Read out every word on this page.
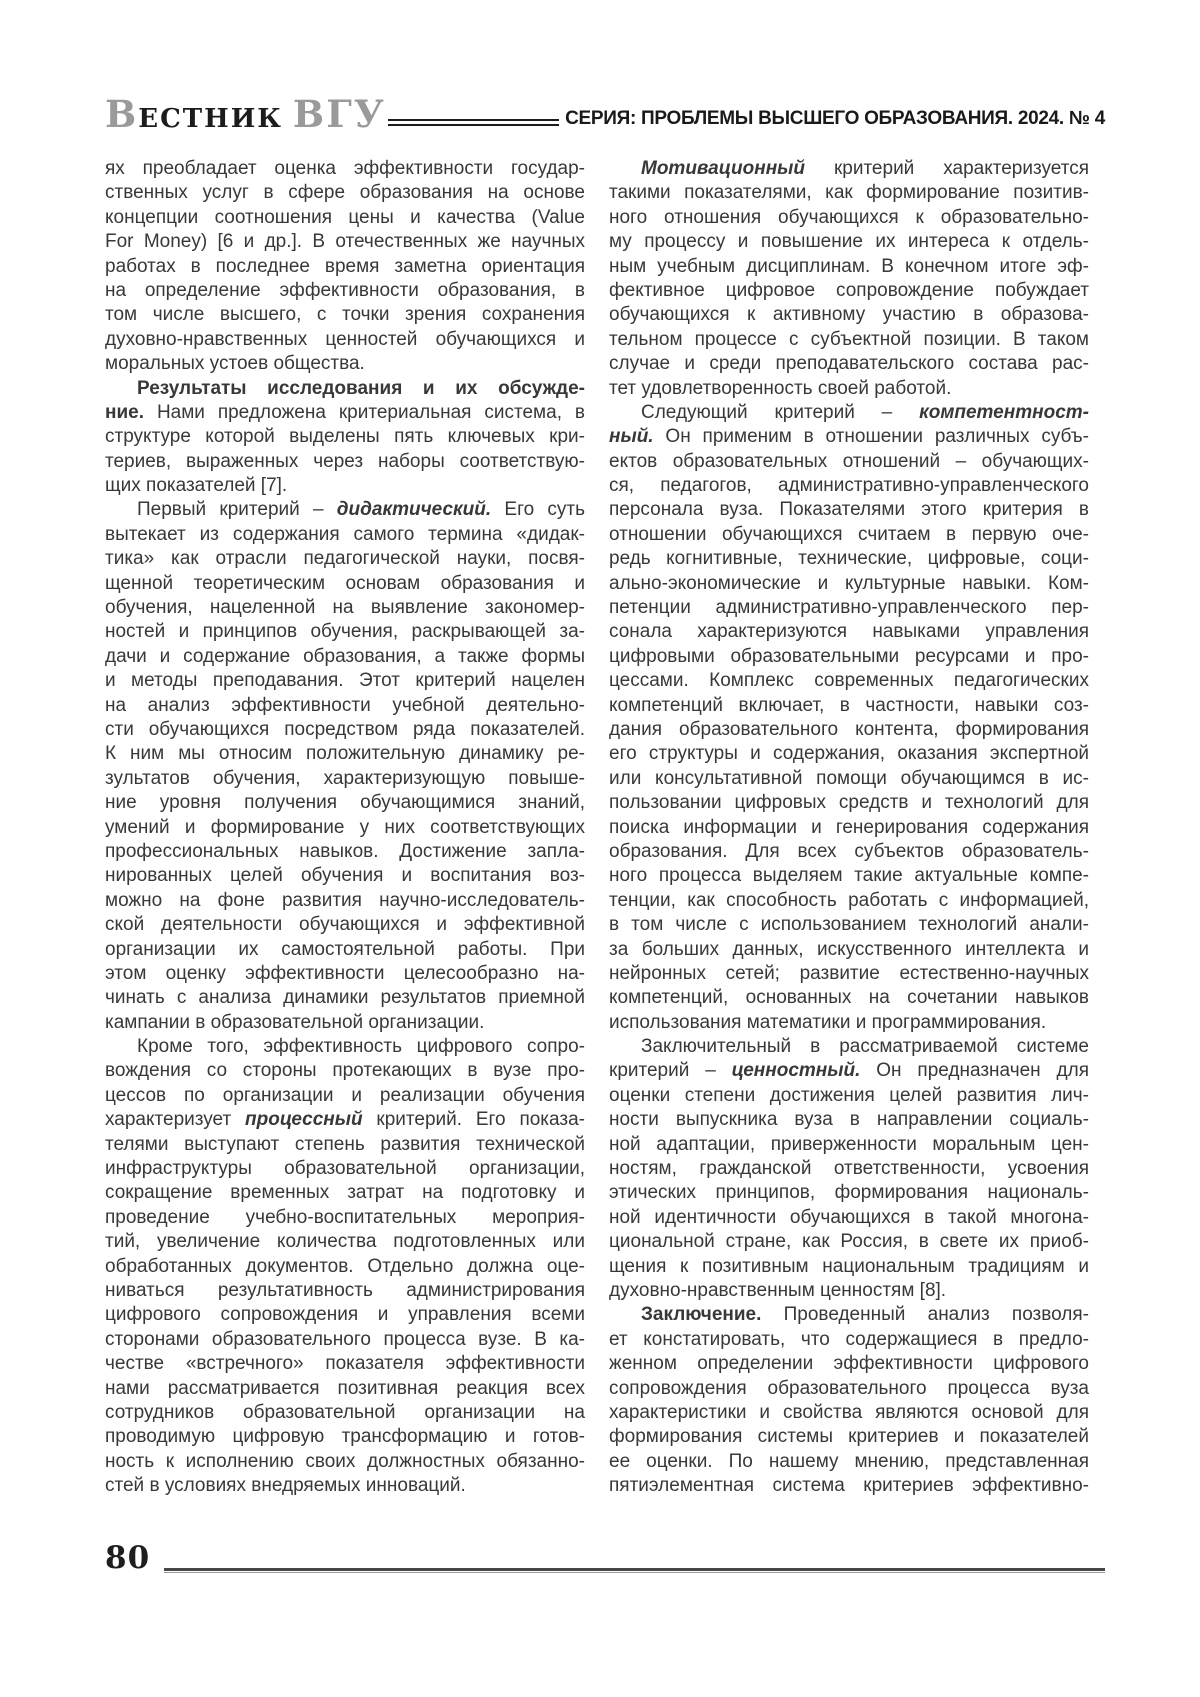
ВЕСТНИК ВГУ	СЕРИЯ: ПРОБЛЕМЫ ВЫСШЕГО ОБРАЗОВАНИЯ. 2024. № 4
ях преобладает оценка эффективности государ-
ственных услуг в сфере образования на основе
концепции соотношения цены и качества (Value
For Money) [6 и др.]. В отечественных же научных
работах в последнее время заметна ориентация
на определение эффективности образования, в
том числе высшего, с точки зрения сохранения
духовно-нравственных ценностей обучающихся и
моральных устоев общества.
Результаты исследования и их обсужде-
ние. Нами предложена критериальная система, в
структуре которой выделены пять ключевых кри-
териев, выраженных через наборы соответствую-
щих показателей [7].
Первый критерий – дидактический. Его суть
вытекает из содержания самого термина «дидак-
тика» как отрасли педагогической науки, посвя-
щенной теоретическим основам образования и
обучения, нацеленной на выявление закономер-
ностей и принципов обучения, раскрывающей за-
дачи и содержание образования, а также формы
и методы преподавания. Этот критерий нацелен
на анализ эффективности учебной деятельно-
сти обучающихся посредством ряда показателей.
К ним мы относим положительную динамику ре-
зультатов обучения, характеризующую повыше-
ние уровня получения обучающимися знаний,
умений и формирование у них соответствующих
профессиональных навыков. Достижение запла-
нированных целей обучения и воспитания воз-
можно на фоне развития научно-исследователь-
ской деятельности обучающихся и эффективной
организации их самостоятельной работы. При
этом оценку эффективности целесообразно на-
чинать с анализа динамики результатов приемной
кампании в образовательной организации.
Кроме того, эффективность цифрового сопро-
вождения со стороны протекающих в вузе про-
цессов по организации и реализации обучения
характеризует процессный критерий. Его показа-
телями выступают степень развития технической
инфраструктуры образовательной организации,
сокращение временных затрат на подготовку и
проведение учебно-воспитательных мероприя-
тий, увеличение количества подготовленных или
обработанных документов. Отдельно должна оце-
ниваться результативность администрирования
цифрового сопровождения и управления всеми
сторонами образовательного процесса вузе. В ка-
честве «встречного» показателя эффективности
нами рассматривается позитивная реакция всех
сотрудников образовательной организации на
проводимую цифровую трансформацию и готов-
ность к исполнению своих должностных обязанно-
стей в условиях внедряемых инноваций.
Мотивационный критерий характеризуется
такими показателями, как формирование позитив-
ного отношения обучающихся к образовательно-
му процессу и повышение их интереса к отдель-
ным учебным дисциплинам. В конечном итоге эф-
фективное цифровое сопровождение побуждает
обучающихся к активному участию в образова-
тельном процессе с субъектной позиции. В таком
случае и среди преподавательского состава рас-
тет удовлетворенность своей работой.
Следующий критерий – компетентност-
ный. Он применим в отношении различных субъ-
ектов образовательных отношений – обучающих-
ся, педагогов, административно-управленческого
персонала вуза. Показателями этого критерия в
отношении обучающихся считаем в первую оче-
редь когнитивные, технические, цифровые, соци-
ально-экономические и культурные навыки. Ком-
петенции административно-управленческого пер-
сонала характеризуются навыками управления
цифровыми образовательными ресурсами и про-
цессами. Комплекс современных педагогических
компетенций включает, в частности, навыки соз-
дания образовательного контента, формирования
его структуры и содержания, оказания экспертной
или консультативной помощи обучающимся в ис-
пользовании цифровых средств и технологий для
поиска информации и генерирования содержания
образования. Для всех субъектов образователь-
ного процесса выделяем такие актуальные компе-
тенции, как способность работать с информацией,
в том числе с использованием технологий анали-
за больших данных, искусственного интеллекта и
нейронных сетей; развитие естественно-научных
компетенций, основанных на сочетании навыков
использования математики и программирования.
Заключительный в рассматриваемой системе
критерий – ценностный. Он предназначен для
оценки степени достижения целей развития лич-
ности выпускника вуза в направлении социаль-
ной адаптации, приверженности моральным цен-
ностям, гражданской ответственности, усвоения
этических принципов, формирования националь-
ной идентичности обучающихся в такой многона-
циональной стране, как Россия, в свете их приоб-
щения к позитивным национальным традициям и
духовно-нравственным ценностям [8].
Заключение. Проведенный анализ позволя-
ет констатировать, что содержащиеся в предло-
женном определении эффективности цифрового
сопровождения образовательного процесса вуза
характеристики и свойства являются основой для
формирования системы критериев и показателей
ее оценки. По нашему мнению, представленная
пятиэлементная система критериев эффективно-
80
